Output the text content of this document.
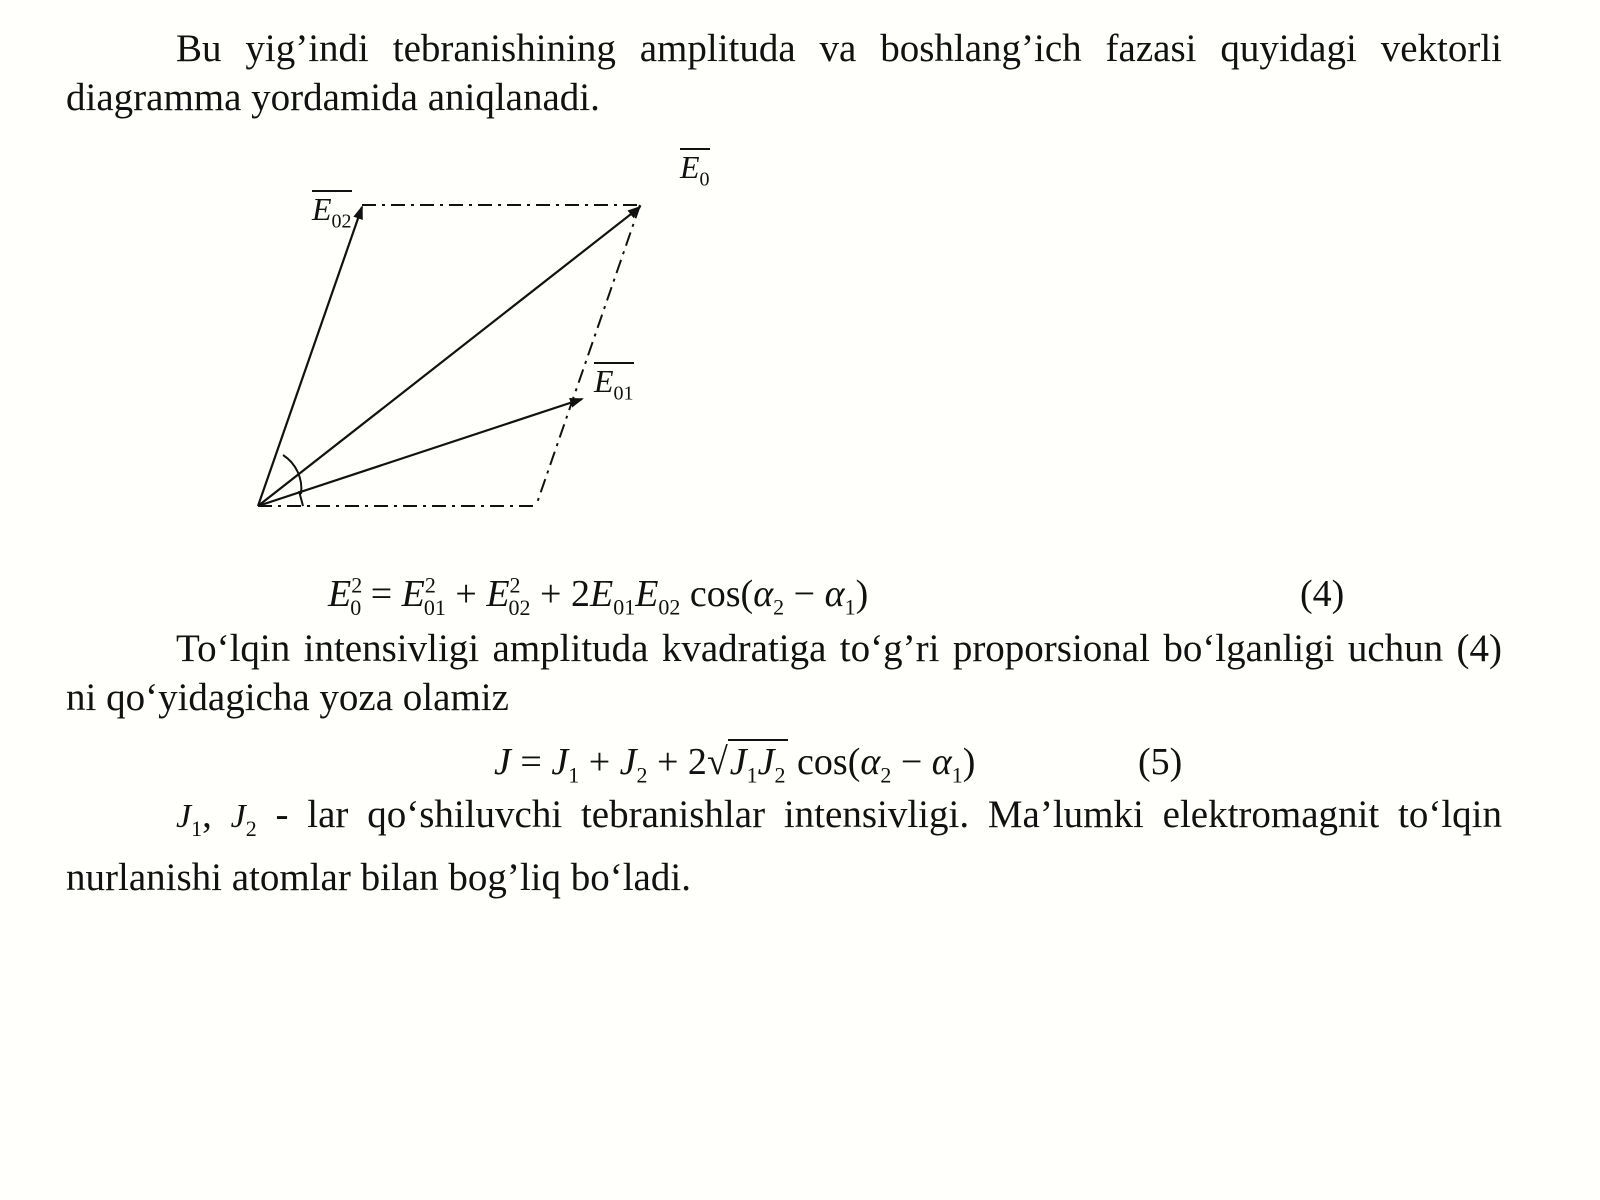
Bu yig’indi tebranishining amplituda va boshlang’ich fazasi quyidagi vektorli diagramma yordamida aniqlanadi.

$E_0$
$E_{02}$
$E_{01}$
$E^2_0 = E^2_{01} + E^2_{02} + 2E_{01}E_{02}$ $\cos(\alpha_2 - \alpha_1)$	(4)

To‘lqin intensivligi amplituda kvadratiga to‘g’ri proporsional bo‘lganligi uchun (4) ni qo‘yidagicha yoza olamiz

$J = J_1 + J_2 + 2√J_1J_2$ $\cos(\alpha_2 - \alpha_1)$	(5)

$J_1$, $J_2$ - lar qo‘shiluvchi tebranishlar intensivligi. Ma’lumki elektromagnit to‘lqin nurlanishi atomlar bilan bog’liq bo‘ladi.
